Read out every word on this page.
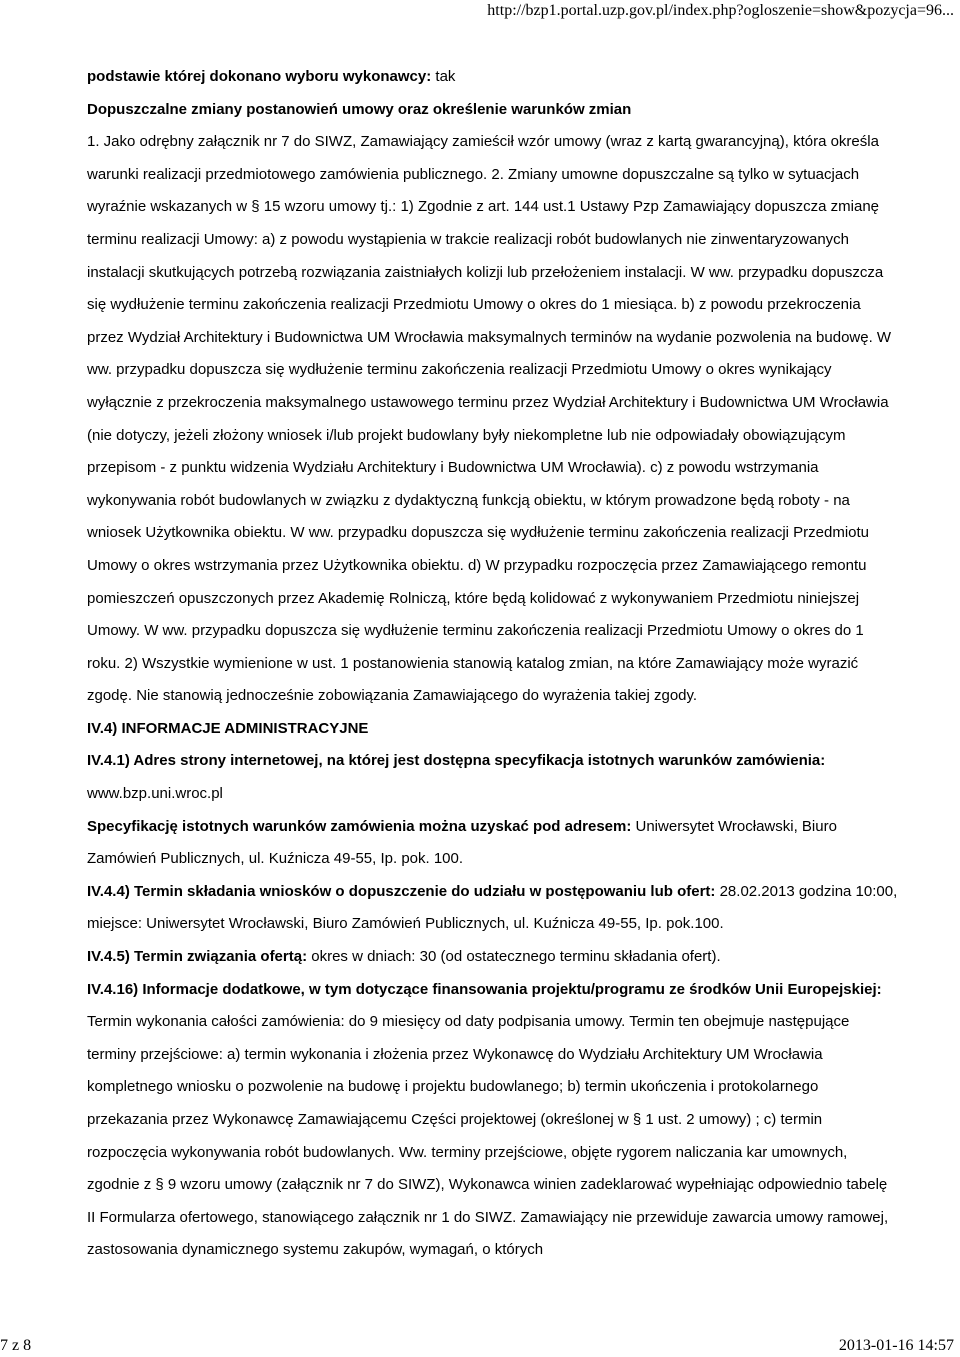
http://bzp1.portal.uzp.gov.pl/index.php?ogloszenie=show&pozycja=96...

podstawie której dokonano wyboru wykonawcy: tak

Dopuszczalne zmiany postanowień umowy oraz określenie warunków zmian

1. Jako odrębny załącznik nr 7 do SIWZ, Zamawiający zamieścił wzór umowy (wraz z kartą gwarancyjną), która określa warunki realizacji przedmiotowego zamówienia publicznego. 2. Zmiany umowne dopuszczalne są tylko w sytuacjach wyraźnie wskazanych w § 15 wzoru umowy tj.: 1) Zgodnie z art. 144 ust.1 Ustawy Pzp Zamawiający dopuszcza zmianę terminu realizacji Umowy: a) z powodu wystąpienia w trakcie realizacji robót budowlanych nie zinwentaryzowanych instalacji skutkujących potrzebą rozwiązania zaistniałych kolizji lub przełożeniem instalacji. W ww. przypadku dopuszcza się wydłużenie terminu zakończenia realizacji Przedmiotu Umowy o okres do 1 miesiąca. b) z powodu przekroczenia przez Wydział Architektury i Budownictwa UM Wrocławia maksymalnych terminów na wydanie pozwolenia na budowę. W ww. przypadku dopuszcza się wydłużenie terminu zakończenia realizacji Przedmiotu Umowy o okres wynikający wyłącznie z przekroczenia maksymalnego ustawowego terminu przez Wydział Architektury i Budownictwa UM Wrocławia (nie dotyczy, jeżeli złożony wniosek i/lub projekt budowlany były niekompletne lub nie odpowiadały obowiązującym przepisom - z punktu widzenia Wydziału Architektury i Budownictwa UM Wrocławia). c) z powodu wstrzymania wykonywania robót budowlanych w związku z dydaktyczną funkcją obiektu, w którym prowadzone będą roboty - na wniosek Użytkownika obiektu. W ww. przypadku dopuszcza się wydłużenie terminu zakończenia realizacji Przedmiotu Umowy o okres wstrzymania przez Użytkownika obiektu. d) W przypadku rozpoczęcia przez Zamawiającego remontu pomieszczeń opuszczonych przez Akademię Rolniczą, które będą kolidować z wykonywaniem Przedmiotu niniejszej Umowy. W ww. przypadku dopuszcza się wydłużenie terminu zakończenia realizacji Przedmiotu Umowy o okres do 1 roku. 2) Wszystkie wymienione w ust. 1 postanowienia stanowią katalog zmian, na które Zamawiający może wyrazić zgodę. Nie stanowią jednocześnie zobowiązania Zamawiającego do wyrażenia takiej zgody.

IV.4) INFORMACJE ADMINISTRACYJNE

IV.4.1) Adres strony internetowej, na której jest dostępna specyfikacja istotnych warunków zamówienia:

www.bzp.uni.wroc.pl

Specyfikację istotnych warunków zamówienia można uzyskać pod adresem: Uniwersytet Wrocławski, Biuro Zamówień Publicznych, ul. Kuźnicza 49-55, Ip. pok. 100.

IV.4.4) Termin składania wniosków o dopuszczenie do udziału w postępowaniu lub ofert: 28.02.2013 godzina 10:00, miejsce: Uniwersytet Wrocławski, Biuro Zamówień Publicznych, ul. Kuźnicza 49-55, Ip. pok.100.

IV.4.5) Termin związania ofertą: okres w dniach: 30 (od ostatecznego terminu składania ofert).

IV.4.16) Informacje dodatkowe, w tym dotyczące finansowania projektu/programu ze środków Unii Europejskiej: Termin wykonania całości zamówienia: do 9 miesięcy od daty podpisania umowy. Termin ten obejmuje następujące terminy przejściowe: a) termin wykonania i złożenia przez Wykonawcę do Wydziału Architektury UM Wrocławia kompletnego wniosku o pozwolenie na budowę i projektu budowlanego; b) termin ukończenia i protokolarnego przekazania przez Wykonawcę Zamawiającemu Części projektowej (określonej w § 1 ust. 2 umowy) ; c) termin rozpoczęcia wykonywania robót budowlanych. Ww. terminy przejściowe, objęte rygorem naliczania kar umownych, zgodnie z § 9 wzoru umowy (załącznik nr 7 do SIWZ), Wykonawca winien zadeklarować wypełniając odpowiednio tabelę II Formularza ofertowego, stanowiącego załącznik nr 1 do SIWZ. Zamawiający nie przewiduje zawarcia umowy ramowej, zastosowania dynamicznego systemu zakupów, wymagań, o których

7 z 8	2013-01-16 14:57
